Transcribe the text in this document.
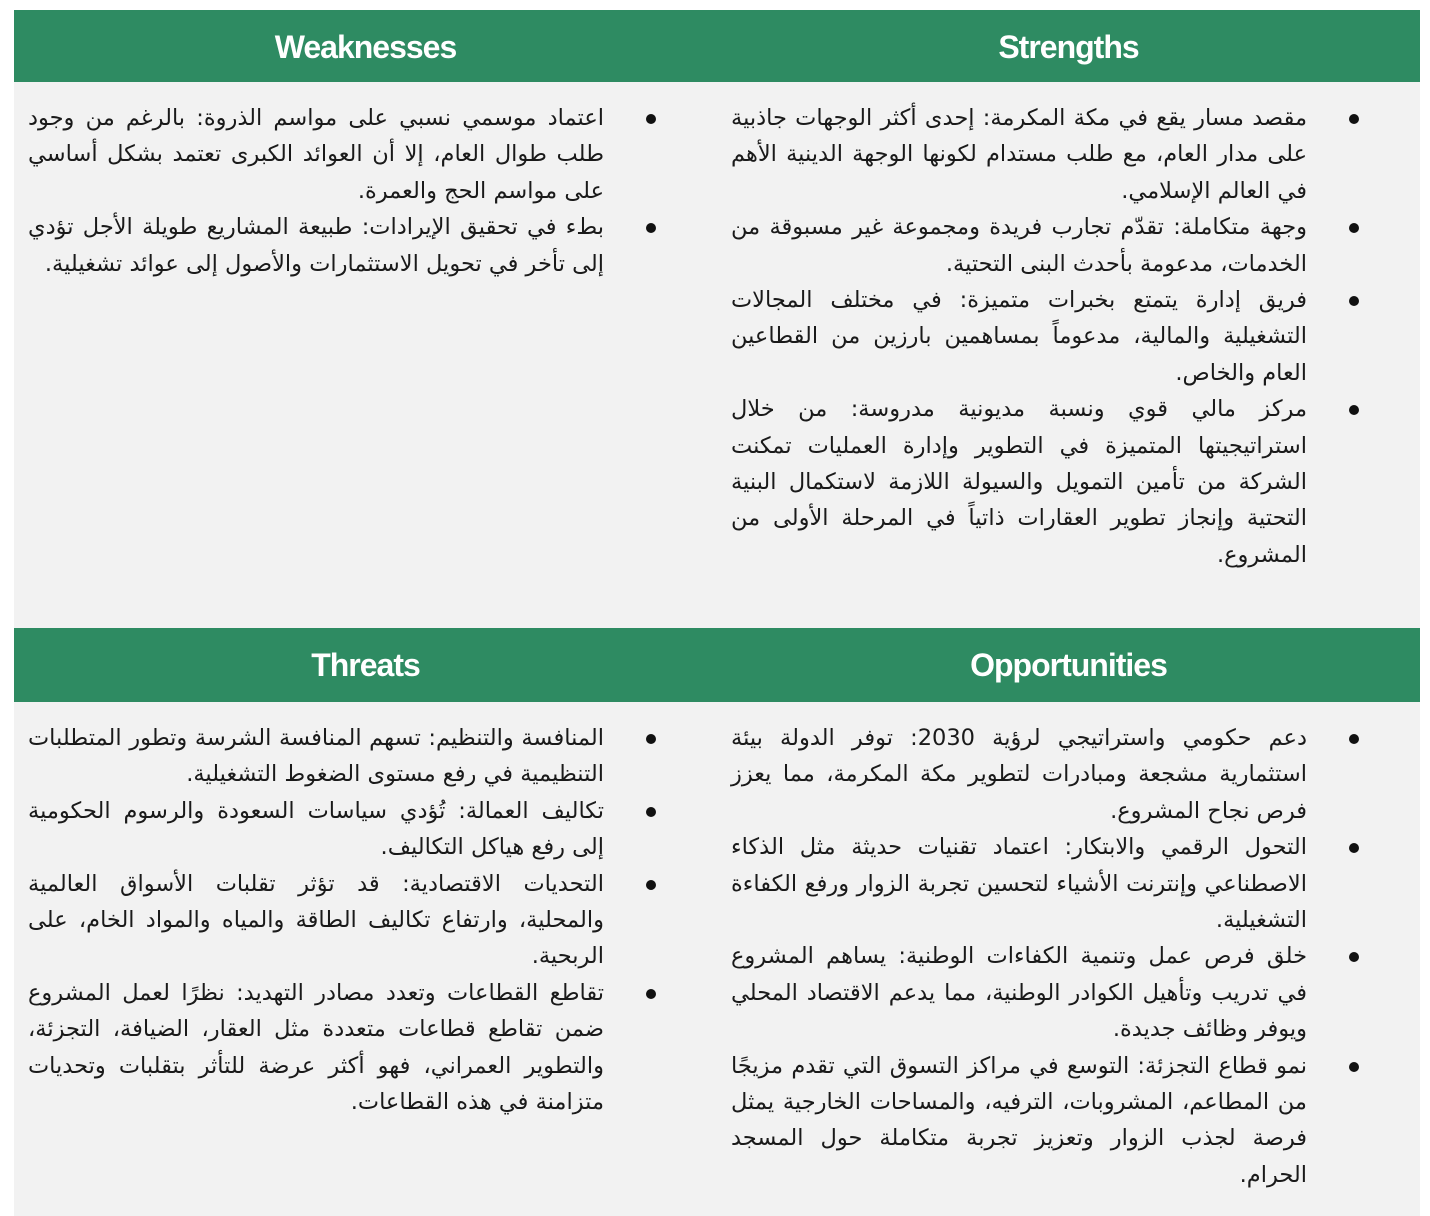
Weaknesses	Strengths
اعتماد موسمي نسبي على مواسم الذروة: بالرغم من وجود طلب طوال العام، إلا أن العوائد الكبرى تعتمد بشكل أساسي على مواسم الحج والعمرة.
بطء في تحقيق الإيرادات: طبيعة المشاريع طويلة الأجل تؤدي إلى تأخر في تحويل الاستثمارات والأصول إلى عوائد تشغيلية.
مقصد مسار يقع في مكة المكرمة: إحدى أكثر الوجهات جاذبية على مدار العام، مع طلب مستدام لكونها الوجهة الدينية الأهم في العالم الإسلامي.
وجهة متكاملة: تقدّم تجارب فريدة ومجموعة غير مسبوقة من الخدمات، مدعومة بأحدث البنى التحتية.
فريق إدارة يتمتع بخبرات متميزة: في مختلف المجالات التشغيلية والمالية، مدعوماً بمساهمين بارزين من القطاعين العام والخاص.
مركز مالي قوي ونسبة مديونية مدروسة: من خلال استراتيجيتها المتميزة في التطوير وإدارة العمليات تمكنت الشركة من تأمين التمويل والسيولة اللازمة لاستكمال البنية التحتية وإنجاز تطوير العقارات ذاتياً في المرحلة الأولى من المشروع.
Threats	Opportunities
المنافسة والتنظيم: تسهم المنافسة الشرسة وتطور المتطلبات التنظيمية في رفع مستوى الضغوط التشغيلية.
تكاليف العمالة: تُؤدي سياسات السعودة والرسوم الحكومية إلى رفع هياكل التكاليف.
التحديات الاقتصادية: قد تؤثر تقلبات الأسواق العالمية والمحلية، وارتفاع تكاليف الطاقة والمياه والمواد الخام، على الربحية.
تقاطع القطاعات وتعدد مصادر التهديد: نظرًا لعمل المشروع ضمن تقاطع قطاعات متعددة مثل العقار، الضيافة، التجزئة، والتطوير العمراني، فهو أكثر عرضة للتأثر بتقلبات وتحديات متزامنة في هذه القطاعات.
دعم حكومي واستراتيجي لرؤية 2030: توفر الدولة بيئة استثمارية مشجعة ومبادرات لتطوير مكة المكرمة، مما يعزز فرص نجاح المشروع.
التحول الرقمي والابتكار: اعتماد تقنيات حديثة مثل الذكاء الاصطناعي وإنترنت الأشياء لتحسين تجربة الزوار ورفع الكفاءة التشغيلية.
خلق فرص عمل وتنمية الكفاءات الوطنية: يساهم المشروع في تدريب وتأهيل الكوادر الوطنية، مما يدعم الاقتصاد المحلي ويوفر وظائف جديدة.
نمو قطاع التجزئة: التوسع في مراكز التسوق التي تقدم مزيجًا من المطاعم، المشروبات، الترفيه، والمساحات الخارجية يمثل فرصة لجذب الزوار وتعزيز تجربة متكاملة حول المسجد الحرام.
